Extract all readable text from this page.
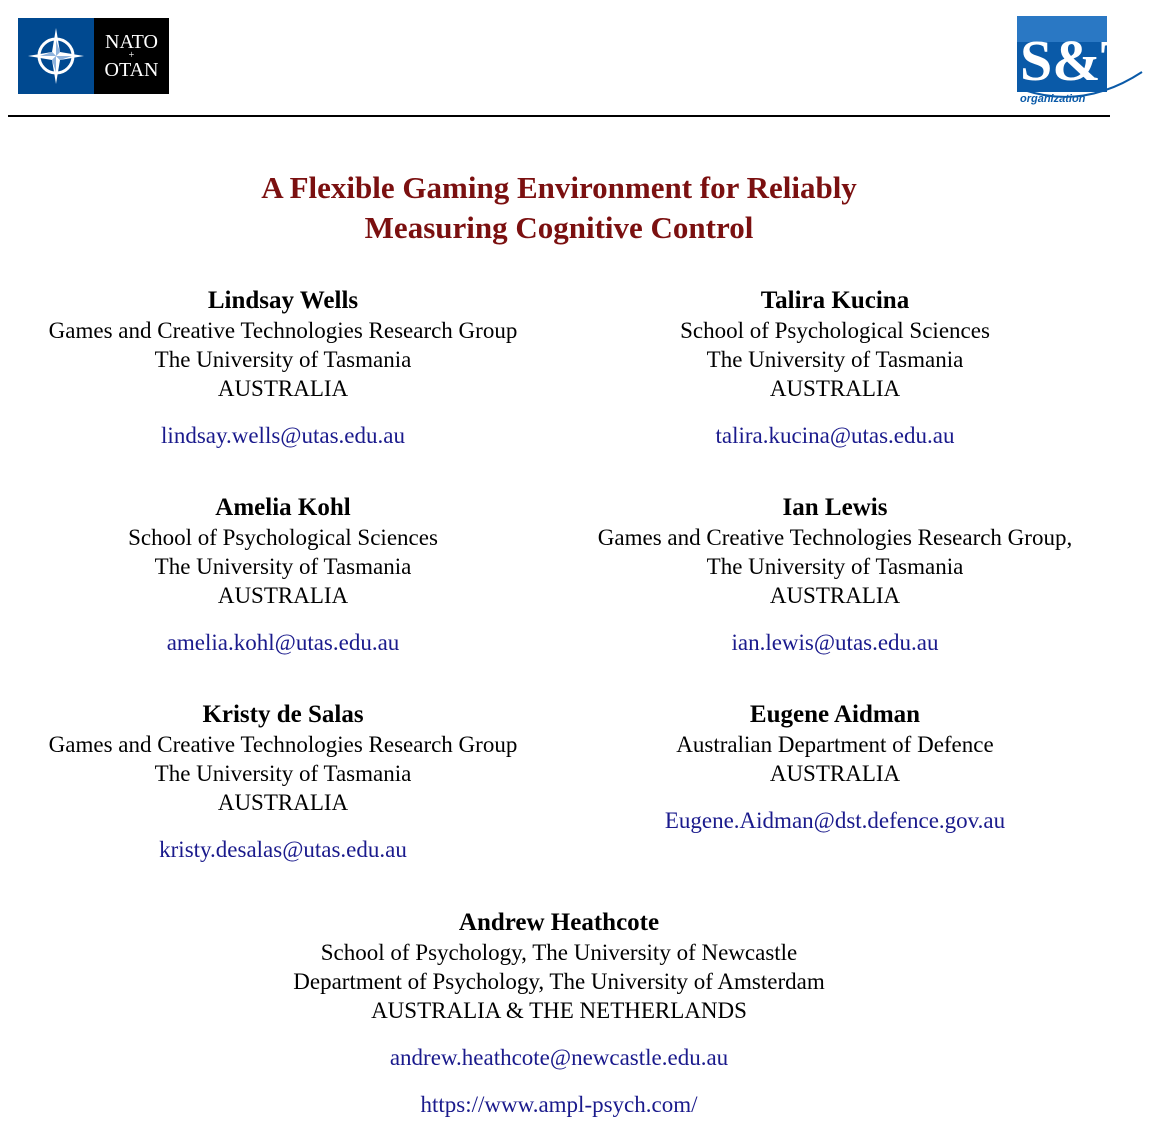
NATO
+
OTAN	S&T
organization
A Flexible Gaming Environment for Reliably
Measuring Cognitive Control
Lindsay Wells
Games and Creative Technologies Research Group
The University of Tasmania
AUSTRALIA
lindsay.wells@utas.edu.au
Talira Kucina
School of Psychological Sciences
The University of Tasmania
AUSTRALIA
talira.kucina@utas.edu.au
Amelia Kohl
School of Psychological Sciences
The University of Tasmania
AUSTRALIA
amelia.kohl@utas.edu.au
Ian Lewis
Games and Creative Technologies Research Group,
The University of Tasmania
AUSTRALIA
ian.lewis@utas.edu.au
Kristy de Salas
Games and Creative Technologies Research Group
The University of Tasmania
AUSTRALIA
kristy.desalas@utas.edu.au
Eugene Aidman
Australian Department of Defence
AUSTRALIA
Eugene.Aidman@dst.defence.gov.au
Andrew Heathcote
School of Psychology, The University of Newcastle
Department of Psychology, The University of Amsterdam
AUSTRALIA & THE NETHERLANDS
andrew.heathcote@newcastle.edu.au
https://www.ampl-psych.com/
